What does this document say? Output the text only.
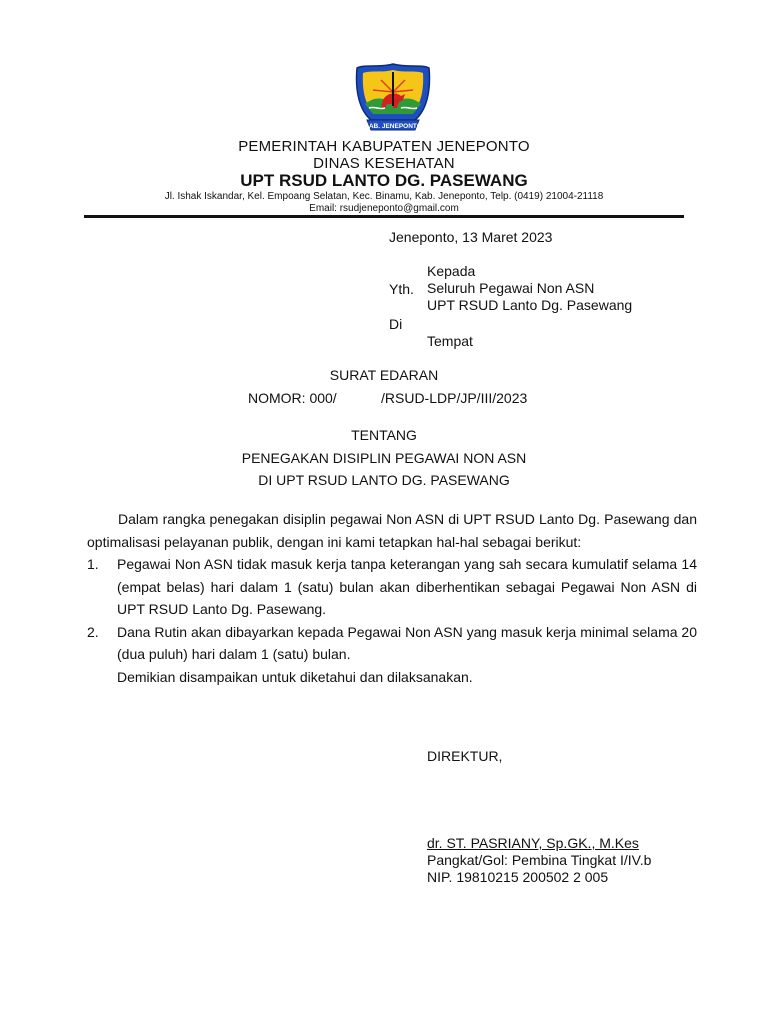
KAB. JENEPONTO
PEMERINTAH KABUPATEN JENEPONTO
DINAS KESEHATAN
UPT RSUD LANTO DG. PASEWANG
Jl. Ishak Iskandar, Kel. Empoang Selatan, Kec. Binamu, Kab. Jeneponto, Telp. (0419) 21004-21118
Email: rsudjeneponto@gmail.com
Jeneponto, 13 Maret 2023
Kepada
Yth. Seluruh Pegawai Non ASN
UPT RSUD Lanto Dg. Pasewang
Di
Tempat
SURAT EDARAN
NOMOR: 000/	/RSUD-LDP/JP/III/2023
TENTANG
PENEGAKAN DISIPLIN PEGAWAI NON ASN
DI UPT RSUD LANTO DG. PASEWANG

Dalam rangka penegakan disiplin pegawai Non ASN di UPT RSUD Lanto Dg. Pasewang dan optimalisasi pelayanan publik, dengan ini kami tetapkan hal-hal sebagai berikut:

1. Pegawai Non ASN tidak masuk kerja tanpa keterangan yang sah secara kumulatif selama 14 (empat belas) hari dalam 1 (satu) bulan akan diberhentikan sebagai Pegawai Non ASN di UPT RSUD Lanto Dg. Pasewang.
2. Dana Rutin akan dibayarkan kepada Pegawai Non ASN yang masuk kerja minimal selama 20 (dua puluh) hari dalam 1 (satu) bulan.
Demikian disampaikan untuk diketahui dan dilaksanakan.
DIREKTUR,
dr. ST. PASRIANY, Sp.GK., M.Kes
Pangkat/Gol: Pembina Tingkat I/IV.b
NIP. 19810215 200502 2 005
